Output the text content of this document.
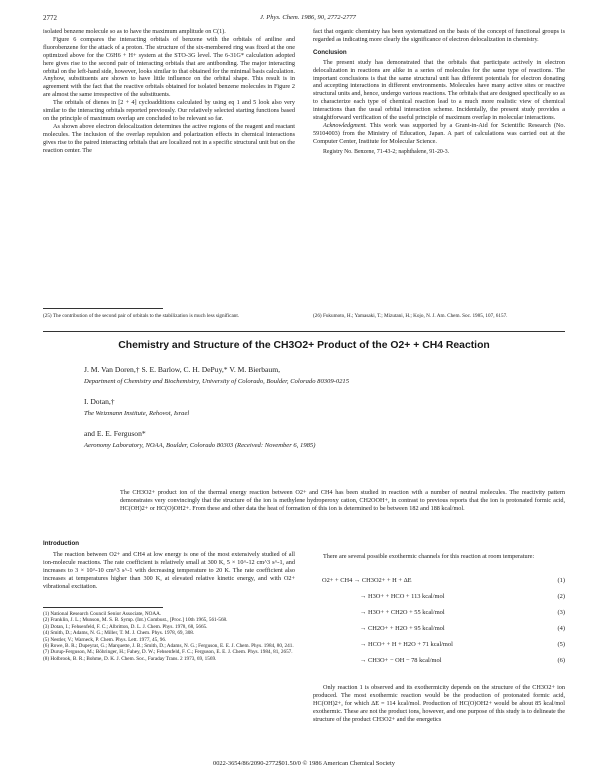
2772	J. Phys. Chem. 1986, 90, 2772-2777
isolated benzene molecule so as to have the maximum amplitude on C(1).
Figure 6 compares the interacting orbitals of benzene with the orbitals of aniline and fluorobenzene for the attack of a proton. The structure of the six-membered ring was fixed at the one optimized above for the C6H6 + H+ system at the STO-3G level. The 6-31G* calculation adopted here gives rise to the second pair of interacting orbitals that are antibonding. The major interacting orbital on the left-hand side, however, looks similar to that obtained for the minimal basis calculation. Anyhow, substituents are shown to have little influence on the orbital shape. This result is in agreement with the fact that the reactive orbitals obtained for isolated benzene molecules in Figure 2 are almost the same irrespective of the substituents.
The orbitals of dienes in [2 + 4] cycloadditions calculated by using eq 1 and 5 look also very similar to the interacting orbitals reported previously. Our relatively selected starting functions based on the principle of maximum overlap are concluded to be relevant so far.
As shown above electron delocalization determines the active regions of the reagent and reactant molecules. The inclusion of the overlap repulsion and polarization effects in chemical interactions gives rise to the paired interacting orbitals that are localized not in a specific structural unit but on the reaction center. The
fact that organic chemistry has been systematized on the basis of the concept of functional groups is regarded as indicating more clearly the significance of electron delocalization in chemistry.
Conclusion
The present study has demonstrated that the orbitals that participate actively in electron delocalization in reactions are alike in a series of molecules for the same type of reactions. The important conclusions is that the same structural unit has different potentials for electron donating and accepting interactions in different environments. Molecules have many active sites or reactive structural units and, hence, undergo various reactions. The orbitals that are designed specifically so as to characterize each type of chemical reaction lead to a much more realistic view of chemical interactions than the usual orbital interaction scheme. Incidentally, the present study provides a straightforward verification of the useful principle of maximum overlap in molecular interactions.
Acknowledgment. This work was supported by a Grant-in-Aid for Scientific Research (No. 59104003) from the Ministry of Education, Japan. A part of calculations was carried out at the Computer Center, Institute for Molecular Science.
Registry No. Benzene, 71-43-2; naphthalene, 91-20-3.
(25) The contribution of the second pair of orbitals to the stabilization is much less significant.	(26) Fukumoto, H.; Yamasaki, T.; Mizutani, H.; Kojo, N. J. Am. Chem. Soc. 1985, 107, 6157.
Chemistry and Structure of the CH3O2+ Product of the O2+ + CH4 Reaction
J. M. Van Doren,† S. E. Barlow, C. H. DePuy,* V. M. Bierbaum,
Department of Chemistry and Biochemistry, University of Colorado, Boulder, Colorado 80309-0215
I. Dotan,†
The Weizmann Institute, Rehovot, Israel
and E. E. Ferguson*
Aeronomy Laboratory, NOAA, Boulder, Colorado 80303 (Received: November 6, 1985)
The CH3O2+ product ion of the thermal energy reaction between O2+ and CH4 has been studied in reaction with a number of neutral molecules. The reactivity pattern demonstrates very convincingly that the structure of the ion is methylene hydroperoxy cation, CH2OOH+, in contrast to previous reports that the ion is protonated formic acid, HC(OH)2+ or HC(O)OH2+. From these and other data the heat of formation of this ion is determined to be between 182 and 188 kcal/mol.
Introduction
The reaction between O2+ and CH4 at low energy is one of the most extensively studied of all ion-molecule reactions. The rate coefficient is relatively small at 300 K, 5 × 10^-12 cm^3 s^-1, and increases to 3 × 10^-10 cm^3 s^-1 with decreasing temperature to 20 K. The rate coefficient also increases at temperatures higher than 300 K, at elevated relative kinetic energy, and with O2+ vibrational excitation.
(1) National Research Council Senior Associate, NOAA.
(2) Franklin, J. L.; Munson, M. S. B. Symp. (Int.) Combust., [Proc.] 10th 1965, 561-568.
(3) Dotan, I.; Fehsenfeld, F. C.; Albritton, D. L. J. Chem. Phys. 1978, 68, 5665.
(4) Smith, D.; Adams, N. G.; Miller, T. M. J. Chem. Phys. 1978, 69, 308.
(5) Nestler, V.; Warneck, P. Chem. Phys. Lett. 1977, 45, 96.
(6) Rowe, B. R.; Dupeyrat, G.; Marquette, J. B.; Smith, D.; Adams, N. G.; Ferguson, E. E. J. Chem. Phys. 1984, 80, 241.
(7) Durup-Ferguson, M.; Böhringer, H.; Fahey, D. W.; Fehsenfeld, F. C.; Ferguson, E. E. J. Chem. Phys. 1984, 81, 2657.
(8) Holbrook, B. R.; Bohme, D. K. J. Chem. Soc., Faraday Trans. 2 1973, 69, 1569.
There are several possible exothermic channels for this reaction at room temperature:
O2+ + CH4 → CH3O2+ + H + ΔE	(1)
→ H3O+ + HCO + 113 kcal/mol	(2)
→ H3O+ + CH2O + 55 kcal/mol	(3)
→ CH2O+ + H2O + 95 kcal/mol	(4)
→ HCO+ + H + H2O + 71 kcal/mol	(5)
→ CH3O+ − OH − 78 kcal/mol	(6)
Only reaction 1 is observed and its exothermicity depends on the structure of the CH3O2+ ion produced. The most exothermic reaction would be the production of protonated formic acid, HC(OH)2+, for which ΔE = 114 kcal/mol. Production of HC(O)OH2+ would be about 85 kcal/mol exothermic. These are not the product ions, however, and one purpose of this study is to delineate the structure of the product CH3O2+ and the energetics
0022-3654/86/2090-2772$01.50/0 © 1986 American Chemical Society
